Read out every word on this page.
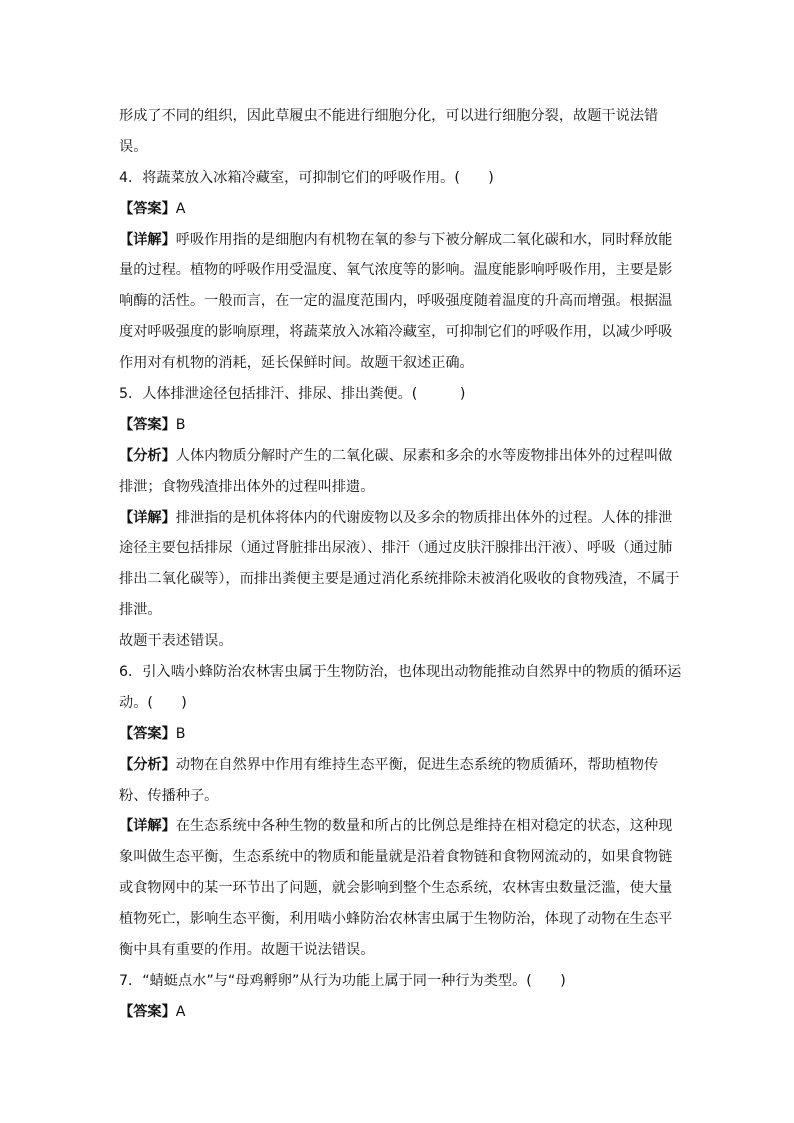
形成了不同的组织，因此草履虫不能进行细胞分化，可以进行细胞分裂，故题干说法错
误。
4．将蔬菜放入冰箱冷藏室，可抑制它们的呼吸作用。(　　)
【答案】A
【详解】呼吸作用指的是细胞内有机物在氧的参与下被分解成二氧化碳和水，同时释放能
量的过程。植物的呼吸作用受温度、氧气浓度等的影响。温度能影响呼吸作用，主要是影
响酶的活性。一般而言，在一定的温度范围内，呼吸强度随着温度的升高而增强。根据温
度对呼吸强度的影响原理，将蔬菜放入冰箱冷藏室，可抑制它们的呼吸作用，以减少呼吸
作用对有机物的消耗，延长保鲜时间。故题干叙述正确。
5．人体排泄途径包括排汗、排尿、排出粪便。(　　　)
【答案】B
【分析】人体内物质分解时产生的二氧化碳、尿素和多余的水等废物排出体外的过程叫做
排泄；食物残渣排出体外的过程叫排遗。
【详解】排泄指的是机体将体内的代谢废物以及多余的物质排出体外的过程。人体的排泄
途径主要包括排尿（通过肾脏排出尿液）、排汗（通过皮肤汗腺排出汗液）、呼吸（通过肺
排出二氧化碳等），而排出粪便主要是通过消化系统排除未被消化吸收的食物残渣，不属于
排泄。
故题干表述错误。
6．引入啮小蜂防治农林害虫属于生物防治，也体现出动物能推动自然界中的物质的循环运
动。(　　)
【答案】B
【分析】动物在自然界中作用有维持生态平衡，促进生态系统的物质循环，帮助植物传
粉、传播种子。
【详解】在生态系统中各种生物的数量和所占的比例总是维持在相对稳定的状态，这种现
象叫做生态平衡，生态系统中的物质和能量就是沿着食物链和食物网流动的，如果食物链
或食物网中的某一环节出了问题，就会影响到整个生态系统，农林害虫数量泛滥，使大量
植物死亡，影响生态平衡，利用啮小蜂防治农林害虫属于生物防治，体现了动物在生态平
衡中具有重要的作用。故题干说法错误。
7．“蜻蜓点水”与“母鸡孵卵”从行为功能上属于同一种行为类型。(　　)
【答案】A
